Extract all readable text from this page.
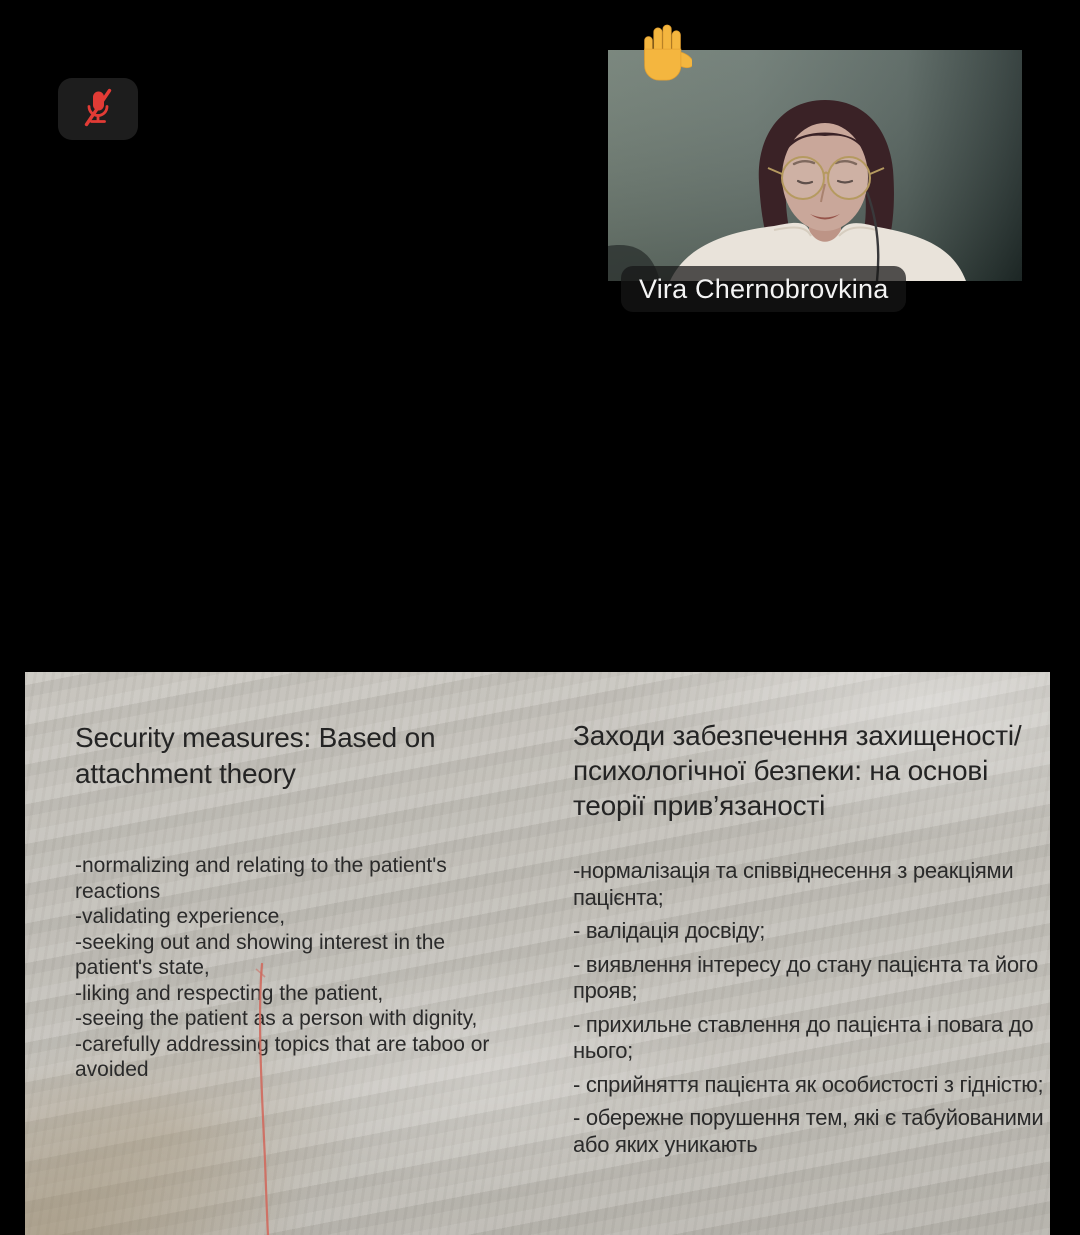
Vira Chernobrovkina
Security measures: Based on attachment theory
Заходи забезпечення захищеності/ психологічної безпеки: на основі теорії прив’язаності
-normalizing and relating to the patient's reactions
-validating experience,
-seeking out and showing interest in the patient's state,
-liking and respecting the patient,
-seeing the patient as a person with dignity,
-carefully addressing topics that are taboo or avoided
-нормалізація та співвіднесення з реакціями пацієнта;
- валідація досвіду;
- виявлення інтересу до стану пацієнта та його прояв;
- прихильне ставлення до пацієнта і повага до нього;
- сприйняття пацієнта як особистості з гідністю;
- обережне порушення тем, які є табуйованими або яких уникають
